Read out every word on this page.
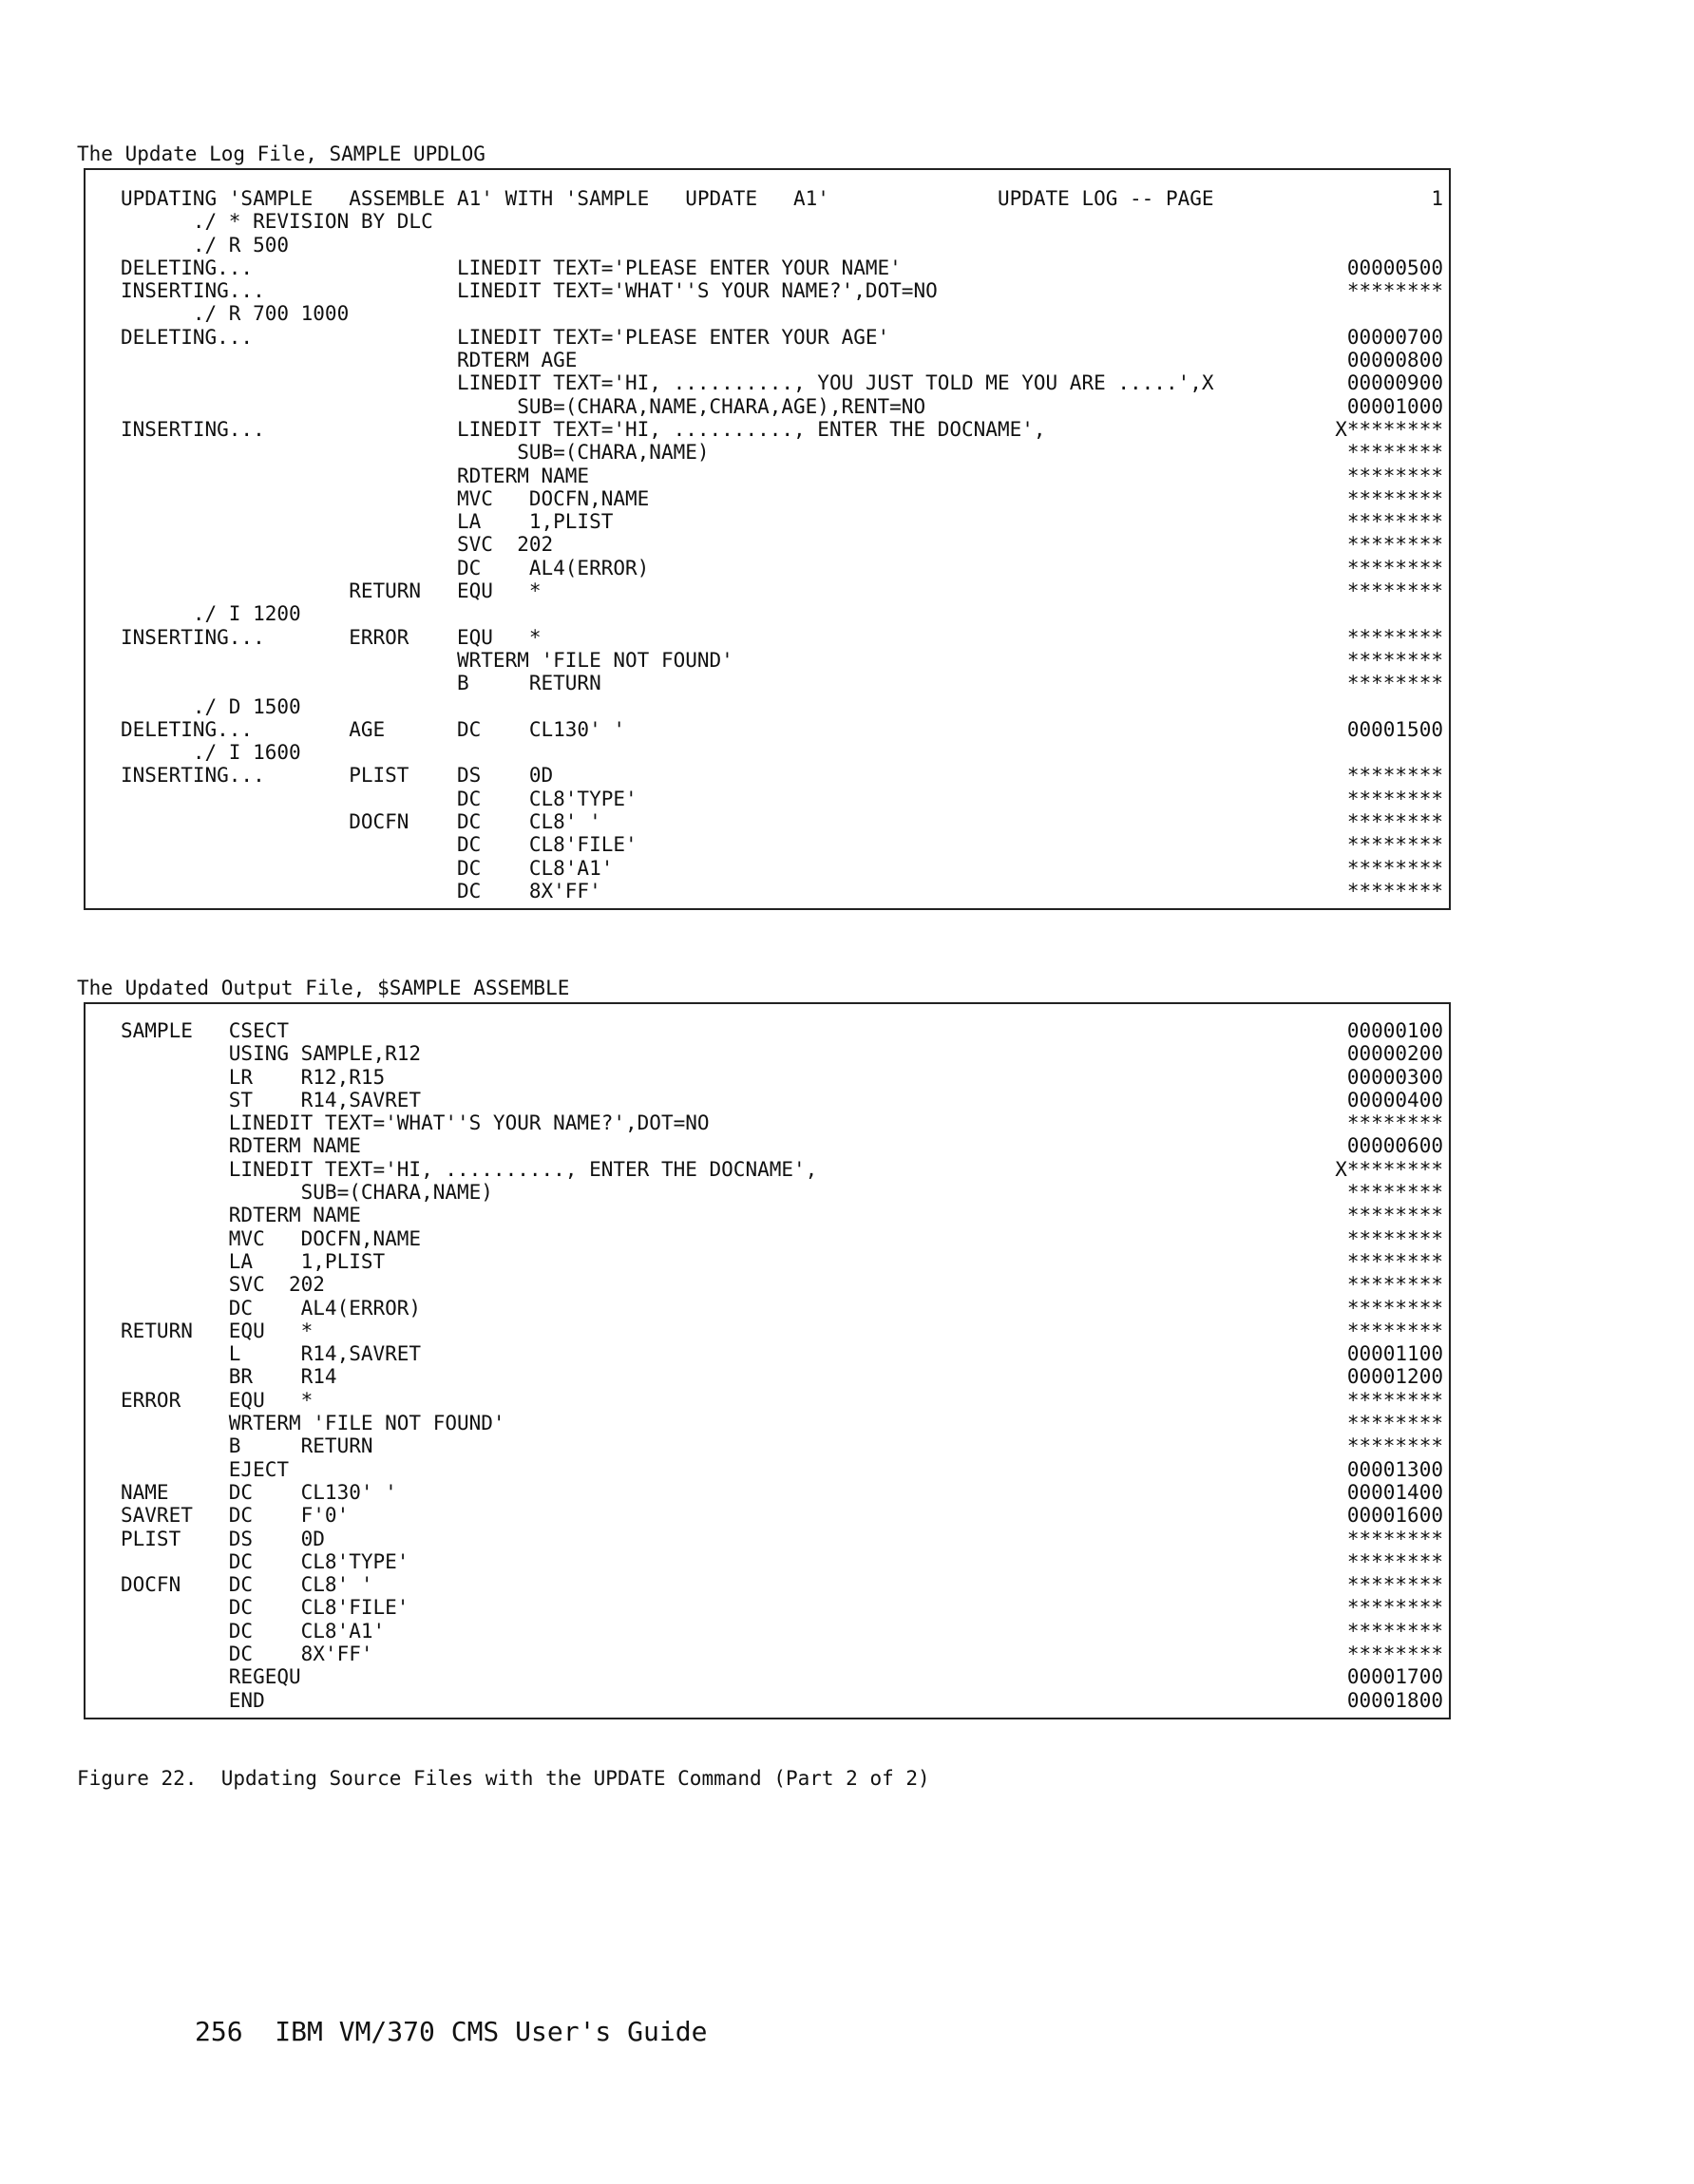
The Update Log File, SAMPLE UPDLOG
UPDATING 'SAMPLE   ASSEMBLE A1' WITH 'SAMPLE   UPDATE   A1'              UPDATE LOG -- PAGE	1
./ * REVISION BY DLC
./ R 500
DELETING...                 LINEDIT TEXT='PLEASE ENTER YOUR NAME'	00000500
INSERTING...                LINEDIT TEXT='WHAT''S YOUR NAME?',DOT=NO	********
./ R 700 1000
DELETING...                 LINEDIT TEXT='PLEASE ENTER YOUR AGE'	00000700
RDTERM AGE	00000800
LINEDIT TEXT='HI, .........., YOU JUST TOLD ME YOU ARE .....',X	00000900
SUB=(CHARA,NAME,CHARA,AGE),RENT=NO	00001000
INSERTING...                LINEDIT TEXT='HI, .........., ENTER THE DOCNAME',	X********
SUB=(CHARA,NAME)	********
RDTERM NAME	********
MVC   DOCFN,NAME	********
LA    1,PLIST	********
SVC  202	********
DC    AL4(ERROR)	********
RETURN   EQU   *	********
./ I 1200
INSERTING...       ERROR    EQU   *	********
WRTERM 'FILE NOT FOUND'	********
B     RETURN	********
./ D 1500
DELETING...        AGE      DC    CL130' '	00001500
./ I 1600
INSERTING...       PLIST    DS    0D	********
DC    CL8'TYPE'	********
DOCFN    DC    CL8' '	********
DC    CL8'FILE'	********
DC    CL8'A1'	********
DC    8X'FF'	********
The Updated Output File, $SAMPLE ASSEMBLE
SAMPLE   CSECT	00000100
USING SAMPLE,R12	00000200
LR    R12,R15	00000300
ST    R14,SAVRET	00000400
LINEDIT TEXT='WHAT''S YOUR NAME?',DOT=NO	********
RDTERM NAME	00000600
LINEDIT TEXT='HI, .........., ENTER THE DOCNAME',	X********
SUB=(CHARA,NAME)	********
RDTERM NAME	********
MVC   DOCFN,NAME	********
LA    1,PLIST	********
SVC  202	********
DC    AL4(ERROR)	********
RETURN   EQU   *	********
L     R14,SAVRET	00001100
BR    R14	00001200
ERROR    EQU   *	********
WRTERM 'FILE NOT FOUND'	********
B     RETURN	********
EJECT	00001300
NAME     DC    CL130' '	00001400
SAVRET   DC    F'0'	00001600
PLIST    DS    0D	********
DC    CL8'TYPE'	********
DOCFN    DC    CL8' '	********
DC    CL8'FILE'	********
DC    CL8'A1'	********
DC    8X'FF'	********
REGEQU	00001700
END	00001800
Figure 22.  Updating Source Files with the UPDATE Command (Part 2 of 2)
256  IBM VM/370 CMS User's Guide
